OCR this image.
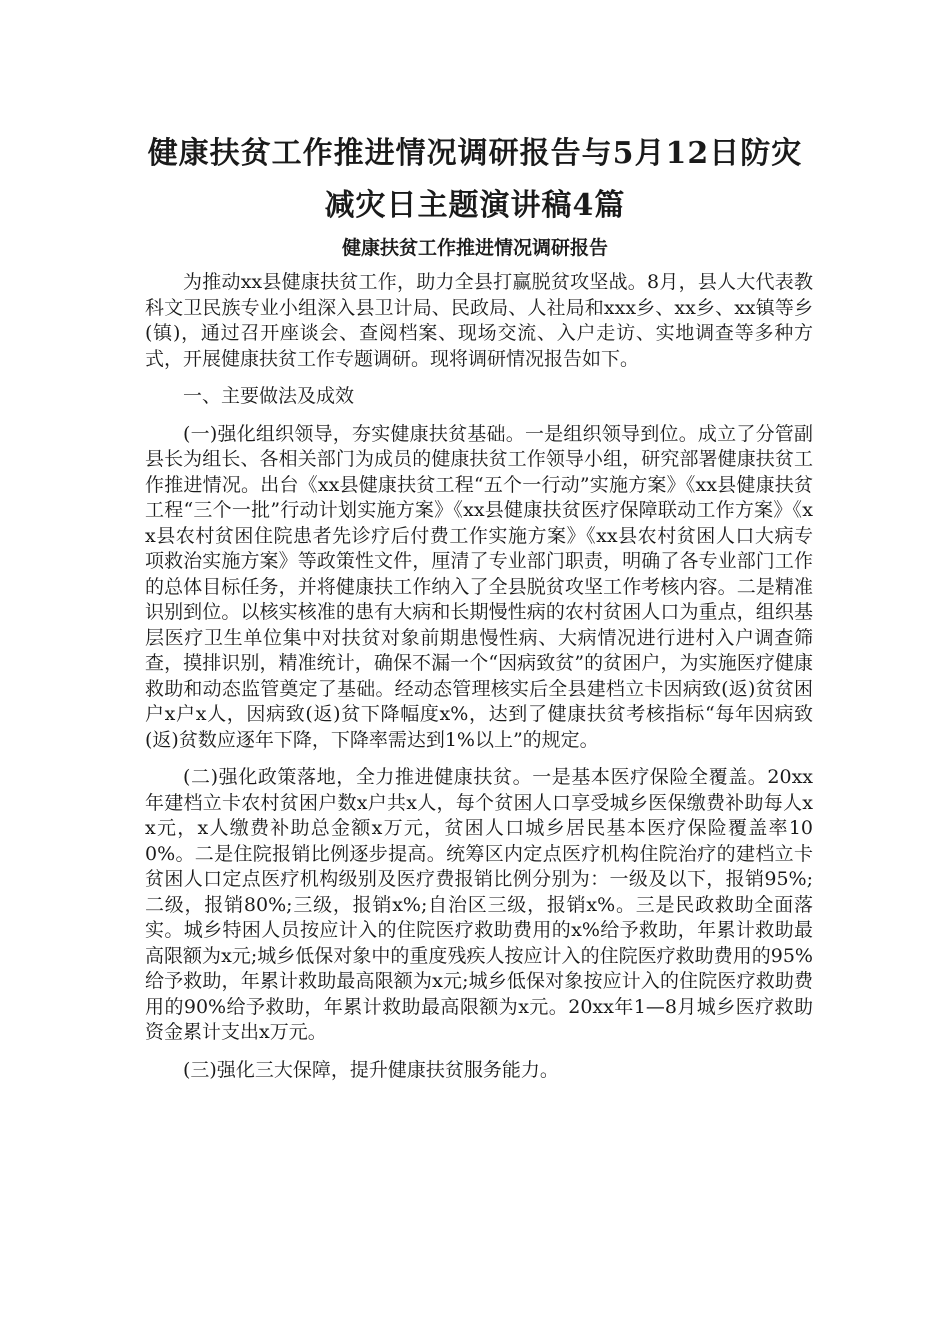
健康扶贫工作推进情况调研报告与5月12日防灾
减灾日主题演讲稿4篇
健康扶贫工作推进情况调研报告

为推动xx县健康扶贫工作，助力全县打赢脱贫攻坚战。8月，县人大代表教科文卫民族专业小组深入县卫计局、民政局、人社局和xxx乡、xx乡、xx镇等乡(镇)，通过召开座谈会、查阅档案、现场交流、入户走访、实地调查等多种方式，开展健康扶贫工作专题调研。现将调研情况报告如下。

一、主要做法及成效

(一)强化组织领导，夯实健康扶贫基础。一是组织领导到位。成立了分管副县长为组长、各相关部门为成员的健康扶贫工作领导小组，研究部署健康扶贫工作推进情况。出台《xx县健康扶贫工程“五个一行动”实施方案》《xx县健康扶贫工程“三个一批”行动计划实施方案》《xx县健康扶贫医疗保障联动工作方案》《xx县农村贫困住院患者先诊疗后付费工作实施方案》《xx县农村贫困人口大病专项救治实施方案》等政策性文件，厘清了专业部门职责，明确了各专业部门工作的总体目标任务，并将健康扶工作纳入了全县脱贫攻坚工作考核内容。二是精准识别到位。以核实核准的患有大病和长期慢性病的农村贫困人口为重点，组织基层医疗卫生单位集中对扶贫对象前期患慢性病、大病情况进行进村入户调查筛查，摸排识别，精准统计，确保不漏一个“因病致贫”的贫困户，为实施医疗健康救助和动态监管奠定了基础。经动态管理核实后全县建档立卡因病致(返)贫贫困户x户x人，因病致(返)贫下降幅度x%，达到了健康扶贫考核指标“每年因病致(返)贫数应逐年下降，下降率需达到1%以上”的规定。

(二)强化政策落地，全力推进健康扶贫。一是基本医疗保险全覆盖。20xx年建档立卡农村贫困户数x户共x人，每个贫困人口享受城乡医保缴费补助每人xx元，x人缴费补助总金额x万元，贫困人口城乡居民基本医疗保险覆盖率100%。二是住院报销比例逐步提高。统筹区内定点医疗机构住院治疗的建档立卡贫困人口定点医疗机构级别及医疗费报销比例分别为：一级及以下，报销95%;二级，报销80%;三级，报销x%;自治区三级，报销x%。三是民政救助全面落实。城乡特困人员按应计入的住院医疗救助费用的x%给予救助，年累计救助最高限额为x元;城乡低保对象中的重度残疾人按应计入的住院医疗救助费用的95%给予救助，年累计救助最高限额为x元;城乡低保对象按应计入的住院医疗救助费用的90%给予救助，年累计救助最高限额为x元。20xx年1—8月城乡医疗救助资金累计支出x万元。

(三)强化三大保障，提升健康扶贫服务能力。
